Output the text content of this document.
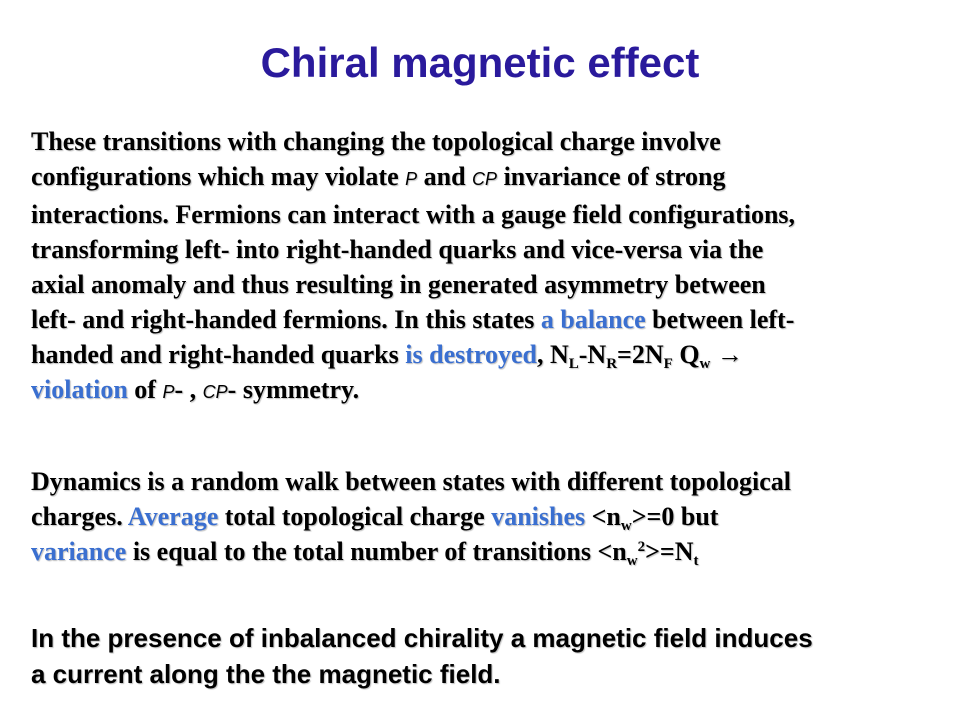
Chiral magnetic effect
These transitions with changing the topological charge involve
configurations which may violate P and CP invariance of strong
interactions. Fermions can interact with a gauge field configurations,
transforming left- into right-handed quarks and vice-versa via the
axial anomaly and thus resulting in generated asymmetry between
left- and right-handed fermions. In this states a balance between left-
handed and right-handed quarks is destroyed, $N_L-N_R=2N_F$ $Q_w$ →
violation of P- , CP- symmetry.
Dynamics is a random walk between states with different topological
charges. Average total topological charge vanishes $<n_w>=0$ but
variance is equal to the total number of transitions $<n_w^2>=N_t$
In the presence of inbalanced chirality a magnetic field induces
a current along the the magnetic field.
